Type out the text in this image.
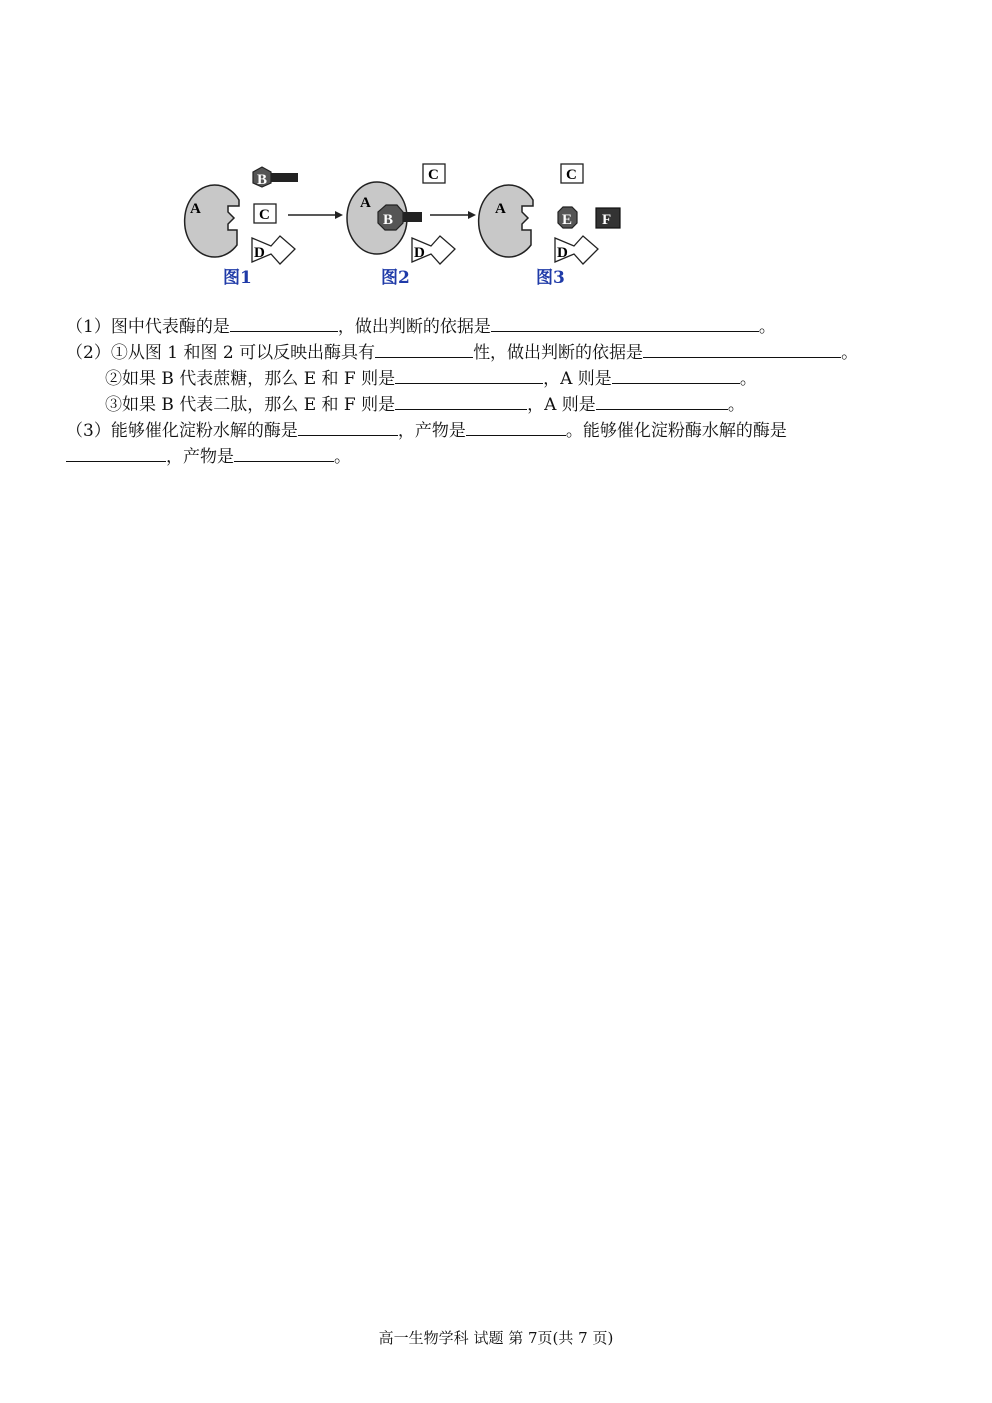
A
B
C
D
图1
A
B
C
D
图2
A
C
E F
D
图3
（1）图中代表酶的是	，做出判断的依据是	。
（2）①从图 1 和图 2 可以反映出酶具有	性，做出判断的依据是	。
②如果 B 代表蔗糖，那么 E 和 F 则是	，A 则是	。
③如果 B 代表二肽，那么 E 和 F 则是	，A 则是	。
（3）能够催化淀粉水解的酶是	，产物是	。能够催化淀粉酶水解的酶是
，产物是	。
高一生物学科 试题 第 7页(共 7 页)
